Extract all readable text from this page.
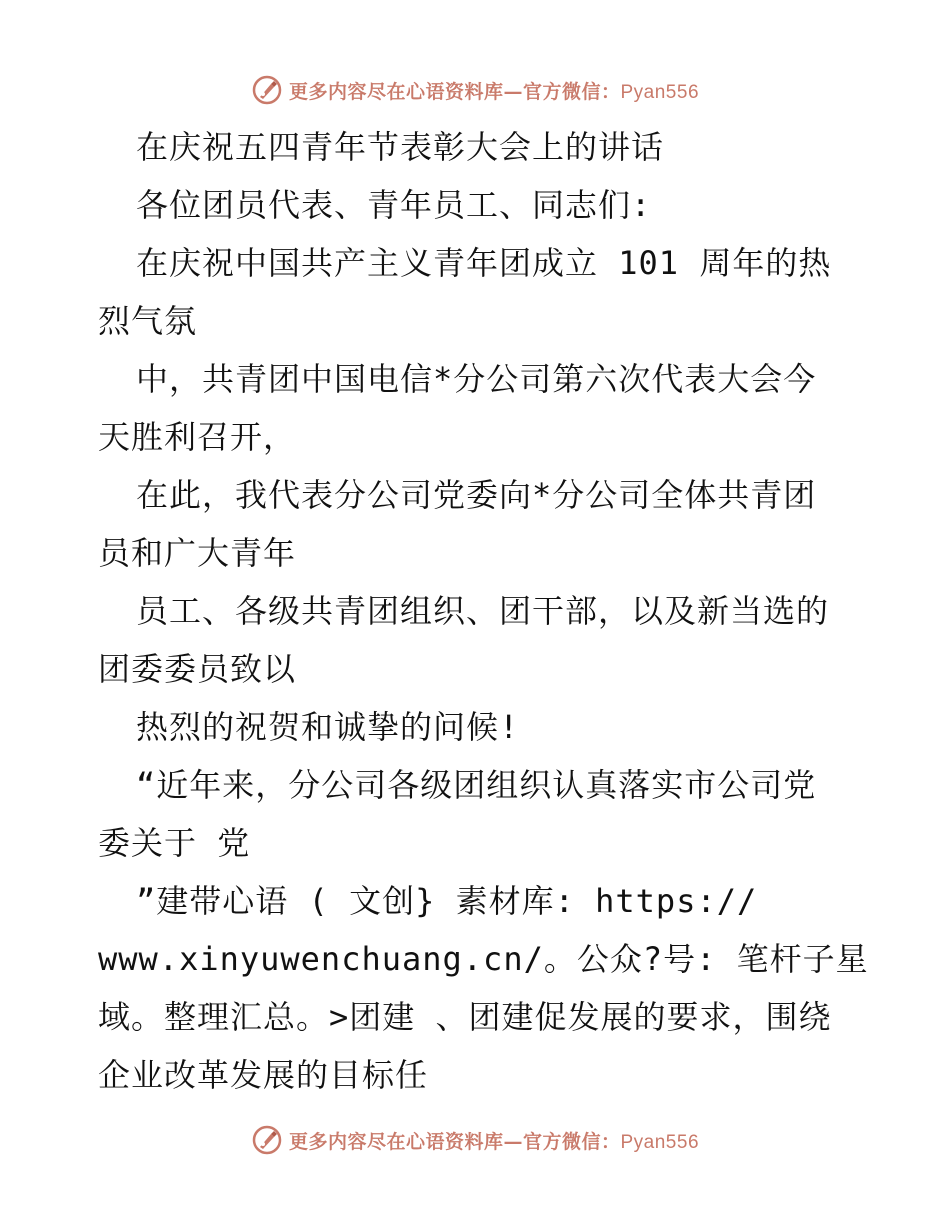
更多内容尽在心语资料库—官方微信：Pyan556
在庆祝五四青年节表彰大会上的讲话
各位团员代表、青年员工、同志们:
在庆祝中国共产主义青年团成立 101 周年的热
烈气氛
中，共青团中国电信*分公司第六次代表大会今
天胜利召开，
在此，我代表分公司党委向*分公司全体共青团
员和广大青年
员工、各级共青团组织、团干部，以及新当选的
团委委员致以
热烈的祝贺和诚挚的问候!
“近年来，分公司各级团组织认真落实市公司党
委关于 党
”建带心语 ( 文创} 素材库: https://
www.xinyuwenchuang.cn/。公众?号: 笔杆子星
域。整理汇总。>团建 、团建促发展的要求，围绕
企业改革发展的目标任
更多内容尽在心语资料库—官方微信：Pyan556
